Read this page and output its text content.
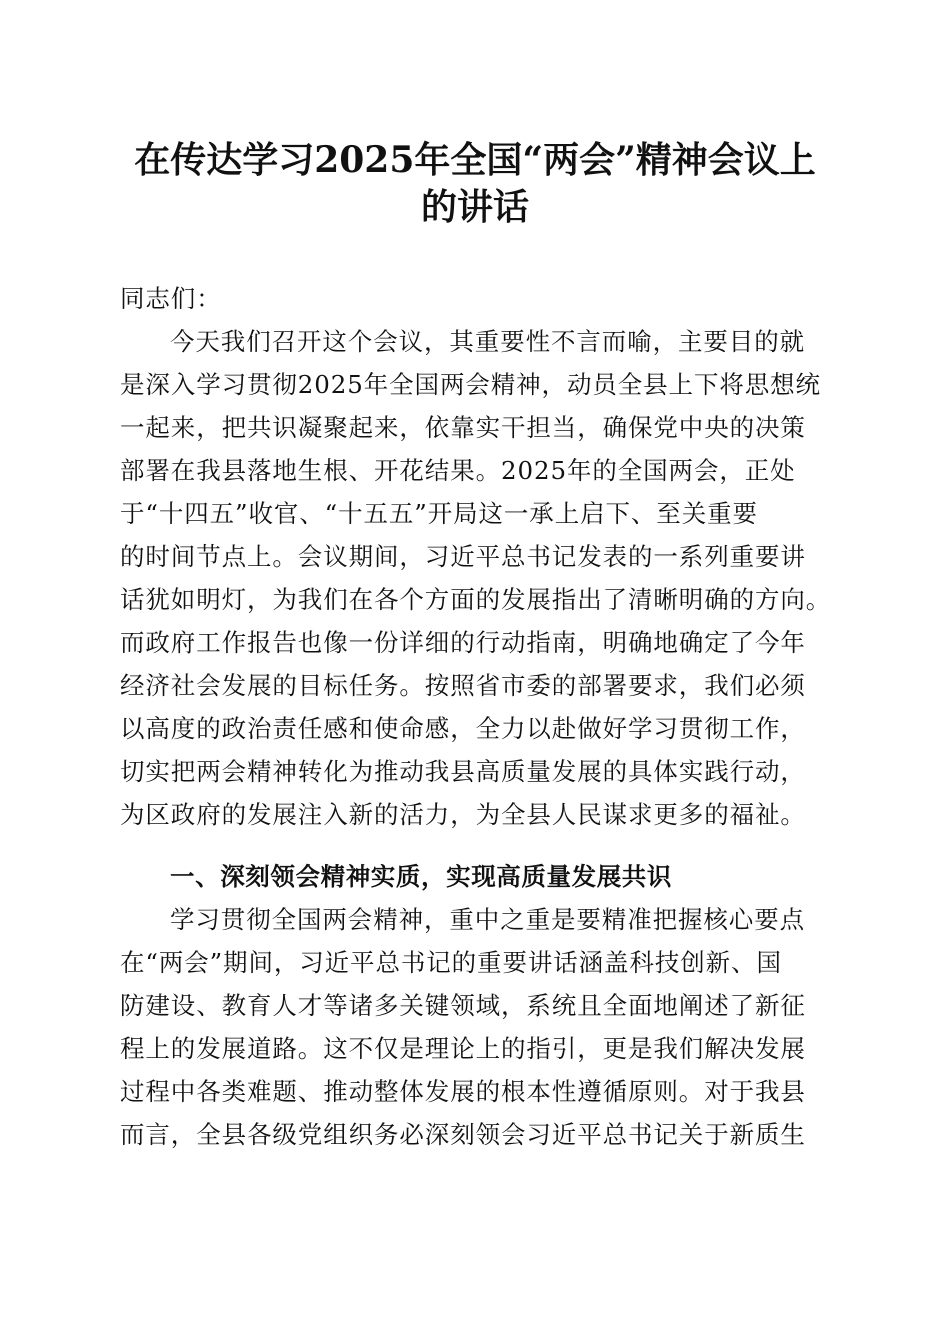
在传达学习2025年全国“两会”精神会议上
的讲话

同志们：

今天我们召开这个会议，其重要性不言而喻，主要目的就

是深入学习贯彻2025年全国两会精神，动员全县上下将思想统

一起来，把共识凝聚起来，依靠实干担当，确保党中央的决策

部署在我县落地生根、开花结果。2025年的全国两会，正处

于“十四五”收官、“十五五”开局这一承上启下、至关重要

的时间节点上。会议期间，习近平总书记发表的一系列重要讲

话犹如明灯，为我们在各个方面的发展指出了清晰明确的方向。

而政府工作报告也像一份详细的行动指南，明确地确定了今年

经济社会发展的目标任务。按照省市委的部署要求，我们必须

以高度的政治责任感和使命感，全力以赴做好学习贯彻工作，

切实把两会精神转化为推动我县高质量发展的具体实践行动，

为区政府的发展注入新的活力，为全县人民谋求更多的福祉。

一、深刻领会精神实质，实现高质量发展共识

学习贯彻全国两会精神，重中之重是要精准把握核心要点

在“两会”期间，习近平总书记的重要讲话涵盖科技创新、国

防建设、教育人才等诸多关键领域，系统且全面地阐述了新征

程上的发展道路。这不仅是理论上的指引，更是我们解决发展

过程中各类难题、推动整体发展的根本性遵循原则。对于我县

而言，全县各级党组织务必深刻领会习近平总书记关于新质生
